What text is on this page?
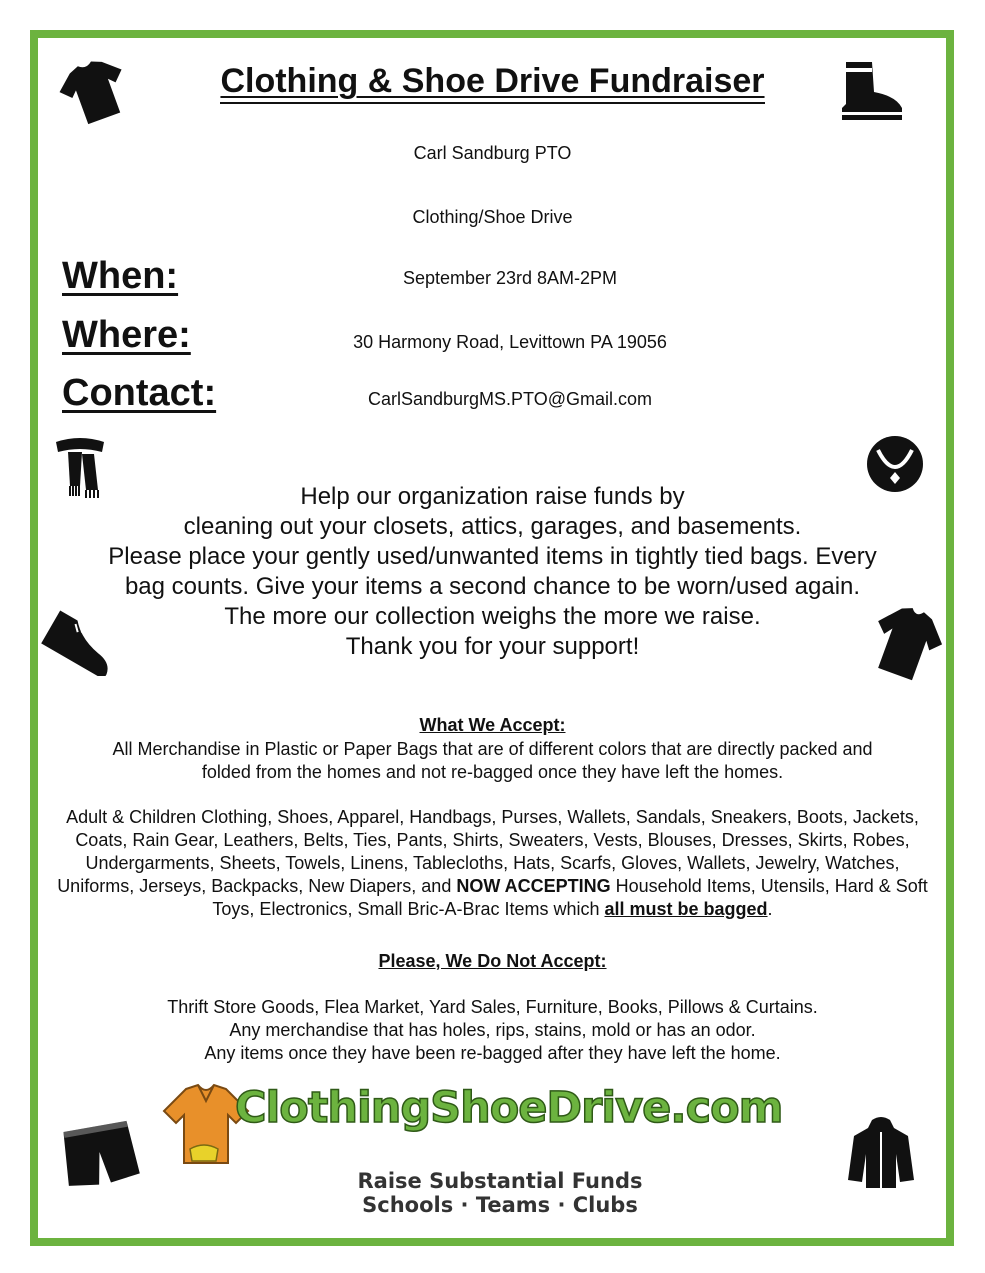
Clothing & Shoe Drive Fundraiser
Carl Sandburg PTO
Clothing/Shoe Drive
When:	September 23rd 8AM-2PM
Where:	30 Harmony Road, Levittown PA 19056
Contact:	CarlSandburgMS.PTO@Gmail.com
Help our organization raise funds by
cleaning out your closets, attics, garages, and basements.
Please place your gently used/unwanted items in tightly tied bags. Every
bag counts. Give your items a second chance to be worn/used again.
The more our collection weighs the more we raise.
Thank you for your support!
What We Accept:
All Merchandise in Plastic or Paper Bags that are of different colors that are directly packed and
folded from the homes and not re-bagged once they have left the homes.
Adult & Children Clothing, Shoes, Apparel, Handbags, Purses, Wallets, Sandals, Sneakers, Boots, Jackets, Coats, Rain Gear, Leathers, Belts, Ties, Pants, Shirts, Sweaters, Vests, Blouses, Dresses, Skirts, Robes, Undergarments, Sheets, Towels, Linens, Tablecloths, Hats, Scarfs, Gloves, Wallets, Jewelry, Watches, Uniforms, Jerseys, Backpacks, New Diapers, and NOW ACCEPTING Household Items, Utensils, Hard & Soft Toys, Electronics, Small Bric-A-Brac Items which all must be bagged.
Please, We Do Not Accept:
Thrift Store Goods, Flea Market, Yard Sales, Furniture, Books, Pillows & Curtains.
Any merchandise that has holes, rips, stains, mold or has an odor.
Any items once they have been re-bagged after they have left the home.
ClothingShoeDrive.com
Raise Substantial Funds
Schools · Teams · Clubs
